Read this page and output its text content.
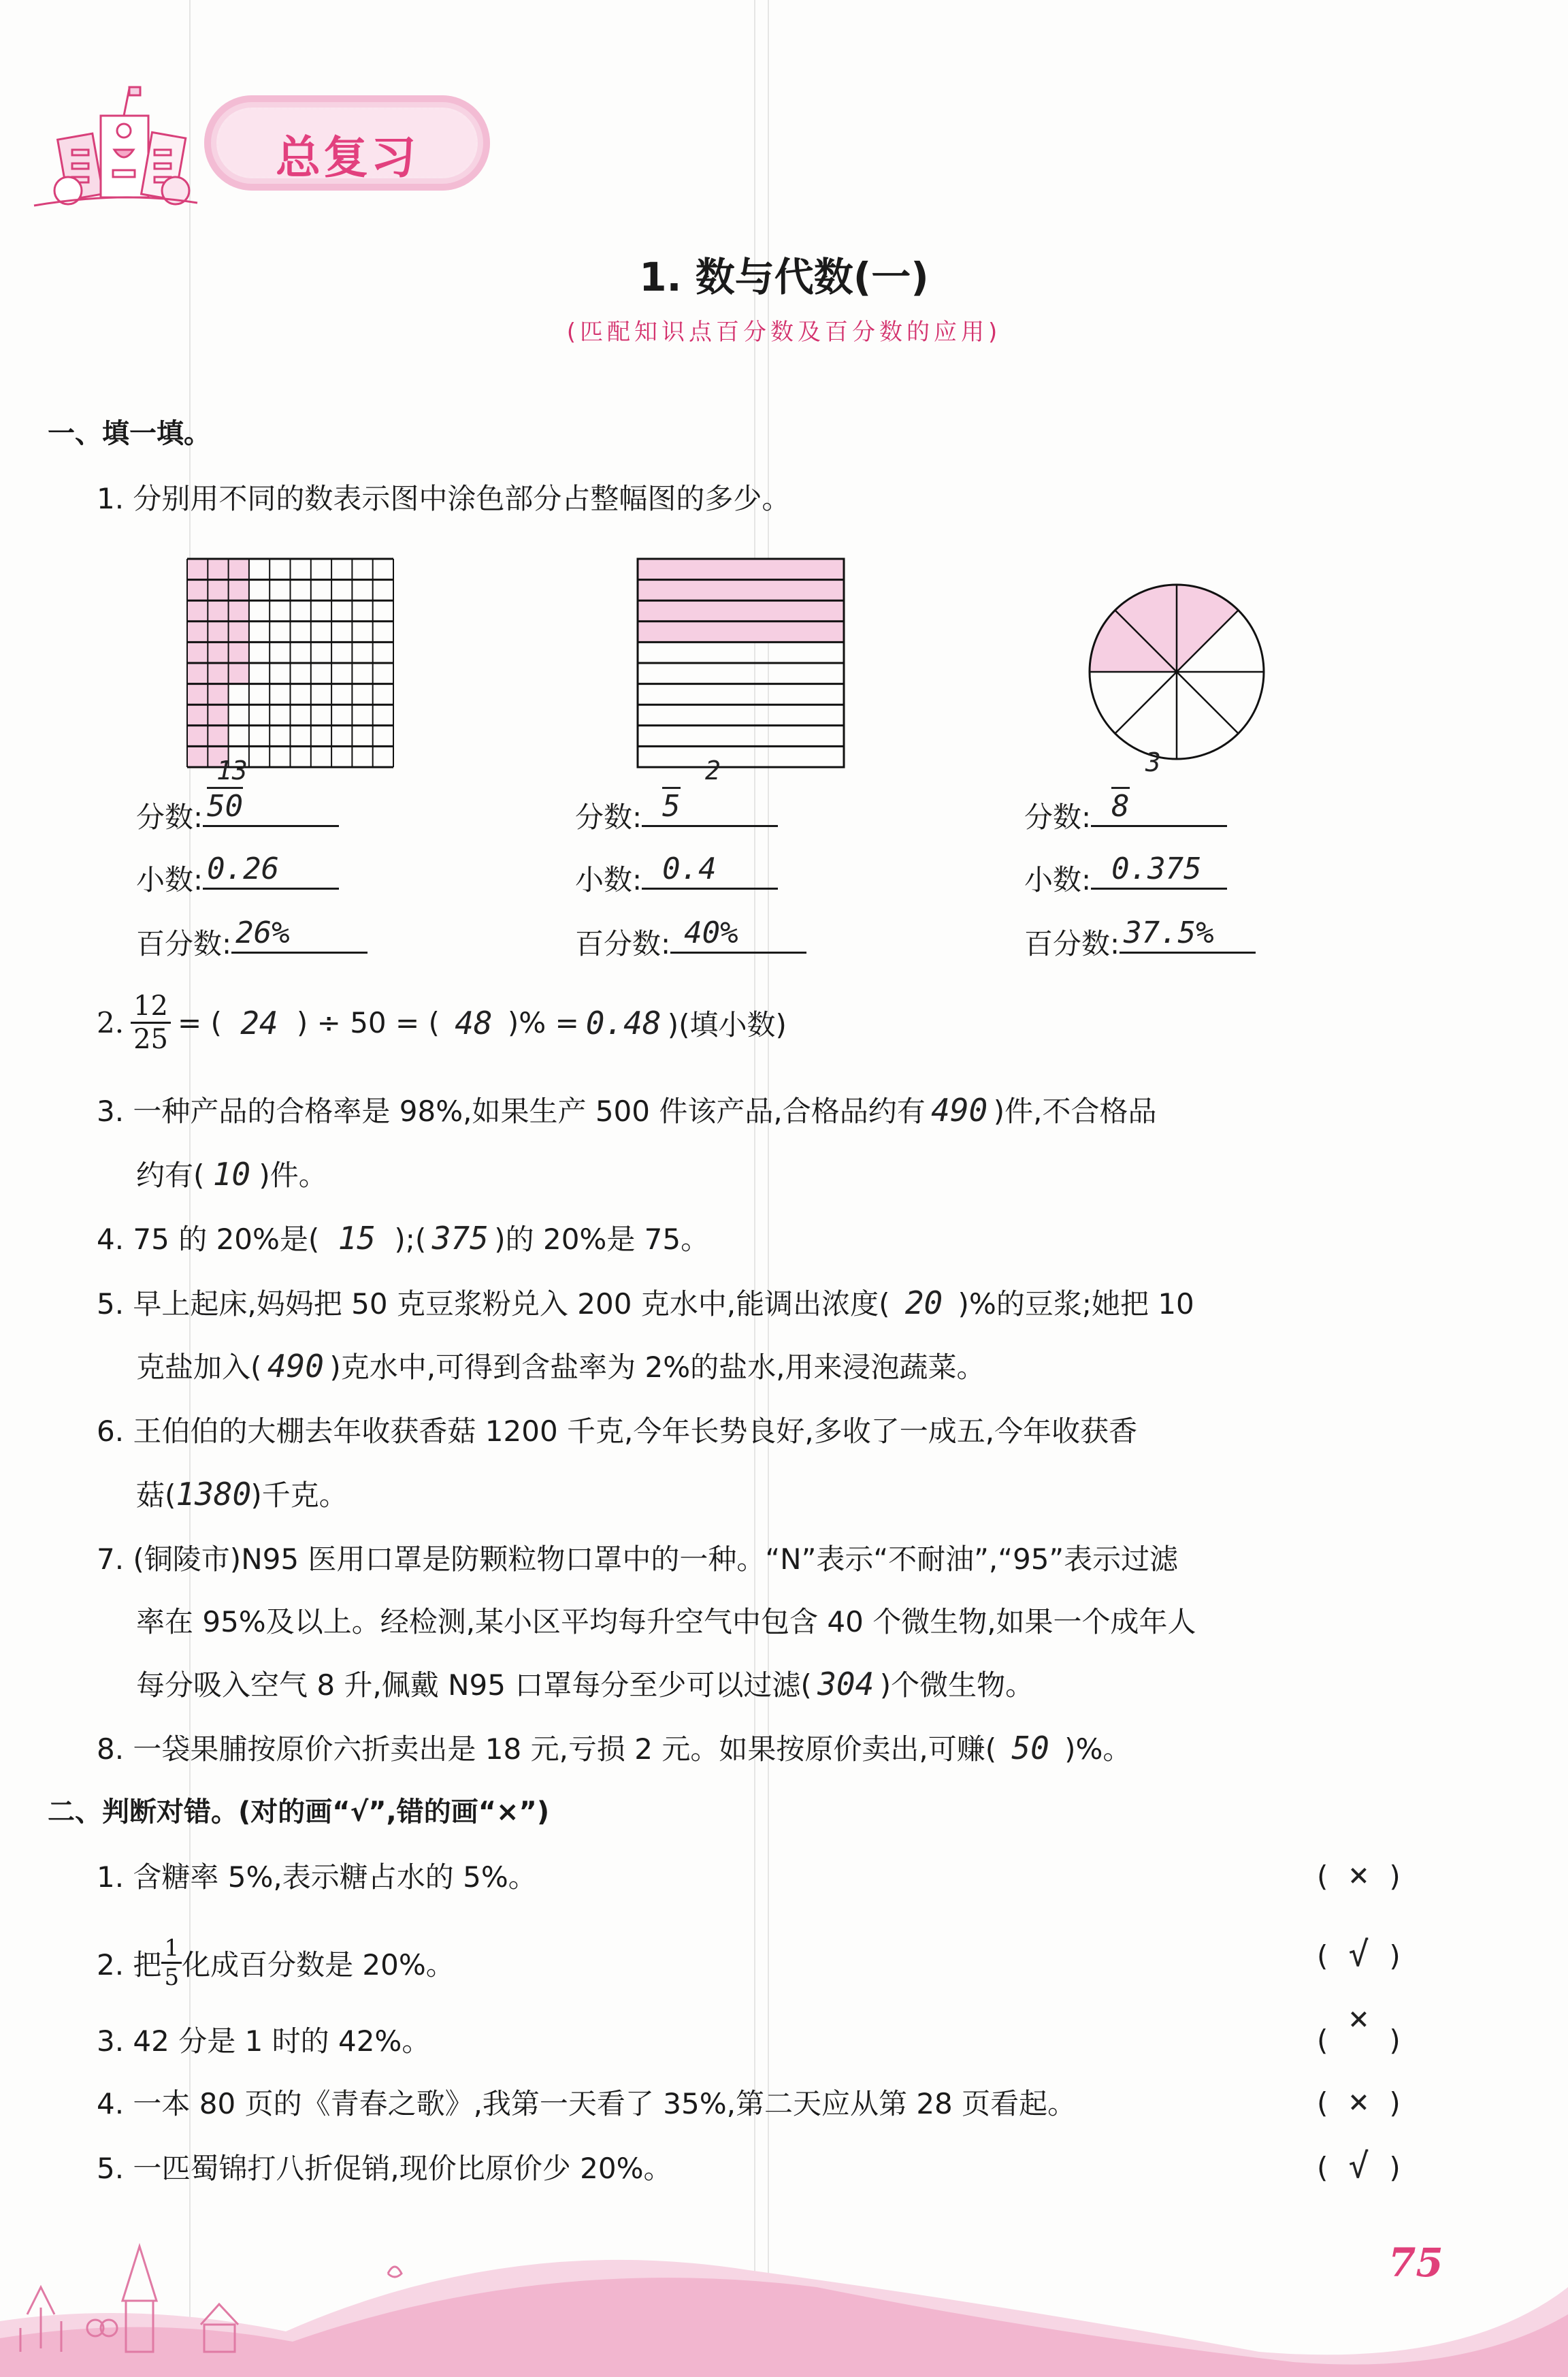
总复习
1. 数与代数(一)
(匹配知识点百分数及百分数的应用)
一、填一填。
1. 分别用不同的数表示图中涂色部分占整幅图的多少。
13
分数: 50
小数: 0.26
百分数: 26%
2
分数: 5
小数: 0.4
百分数: 40%
3
分数: 8
小数: 0.375
百分数: 37.5%
2. $\frac{12}{25}$ = ( 24 ) ÷ 50 = ( 48 )% = 0.48 )(填小数)
3. 一种产品的合格率是 98%,如果生产 500 件该产品,合格品约有 490 )件,不合格品
约有( 10 )件。
4. 75 的 20%是( 15 );( 375 )的 20%是 75。
5. 早上起床,妈妈把 50 克豆浆粉兑入 200 克水中,能调出浓度( 20 )%的豆浆;她把 10
克盐加入( 490 )克水中,可得到含盐率为 2%的盐水,用来浸泡蔬菜。
6. 王伯伯的大棚去年收获香菇 1200 千克,今年长势良好,多收了一成五,今年收获香
菇(1380)千克。
7. (铜陵市)N95 医用口罩是防颗粒物口罩中的一种。“N”表示“不耐油”,“95”表示过滤
率在 95%及以上。经检测,某小区平均每升空气中包含 40 个微生物,如果一个成年人
每分吸入空气 8 升,佩戴 N95 口罩每分至少可以过滤( 304 )个微生物。
8. 一袋果脯按原价六折卖出是 18 元,亏损 2 元。如果按原价卖出,可赚( 50 )%。
二、判断对错。(对的画“√”,错的画“×”)
1. 含糖率 5%,表示糖占水的 5%。
2. 把 $\frac{1}{5}$ 化成百分数是 20%。
3. 42 分是 1 时的 42%。
4. 一本 80 页的《青春之歌》,我第一天看了 35%,第二天应从第 28 页看起。
5. 一匹蜀锦打八折促销,现价比原价少 20%。
( × )
( √ )
(×)
( × )
( √ )
75
